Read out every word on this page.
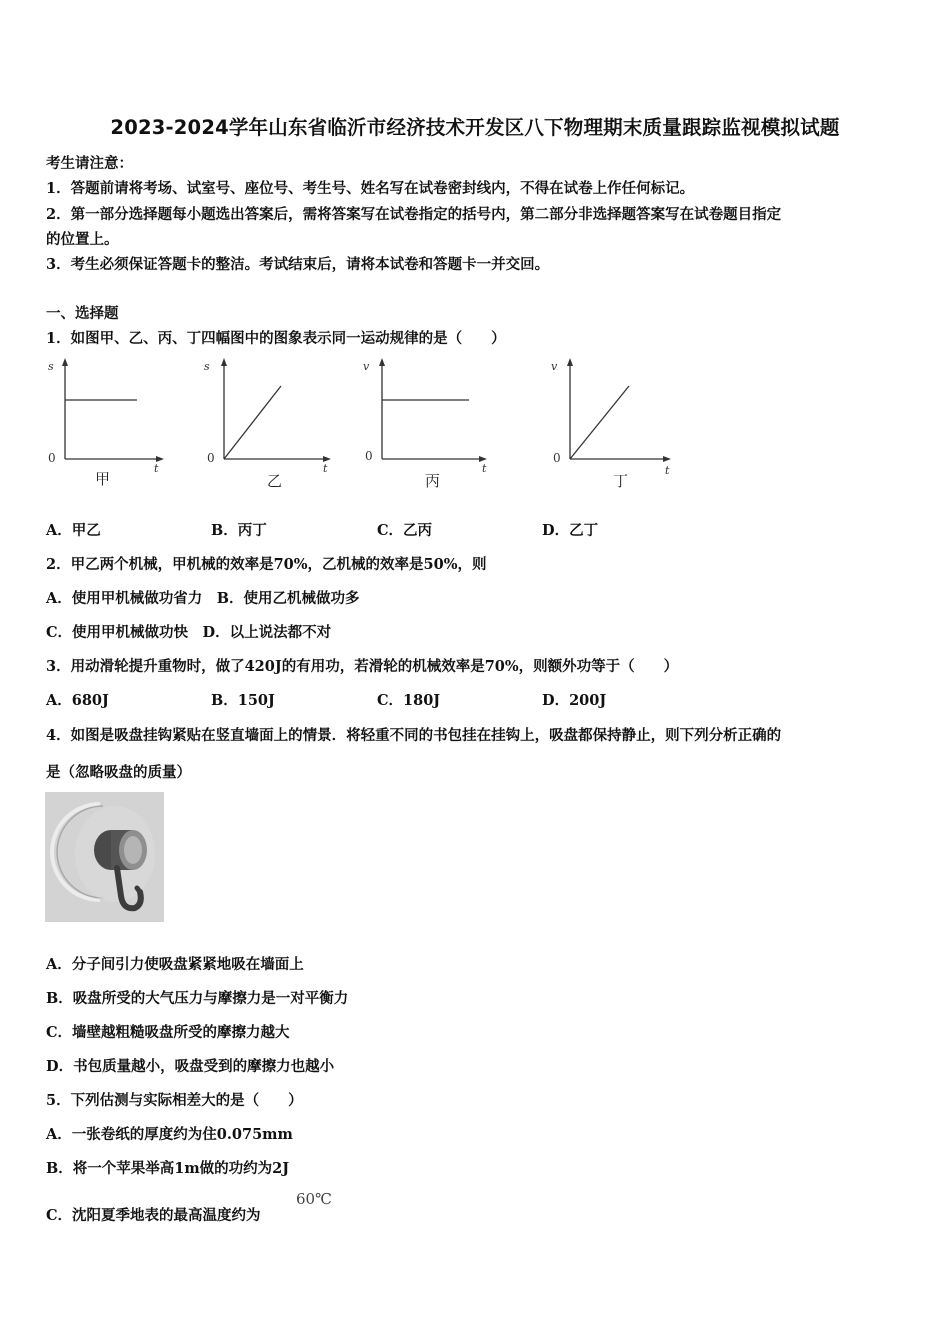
2023-2024学年山东省临沂市经济技术开发区八下物理期末质量跟踪监视模拟试题
考生请注意：
1．答题前请将考场、试室号、座位号、考生号、姓名写在试卷密封线内，不得在试卷上作任何标记。
2．第一部分选择题每小题选出答案后，需将答案写在试卷指定的括号内，第二部分非选择题答案写在试卷题目指定
的位置上。
3．考生必须保证答题卡的整洁。考试结束后，请将本试卷和答题卡一并交回。
一、选择题
1．如图甲、乙、丙、丁四幅图中的图象表示同一运动规律的是（　　）
s
0
t
甲
s
0
t
乙
v
0
t
丙
v
0
t
丁
A．甲乙	B．丙丁	C．乙丙	D．乙丁
2．甲乙两个机械，甲机械的效率是70%，乙机械的效率是50%，则
A．使用甲机械做功省力　B．使用乙机械做功多
C．使用甲机械做功快　D．以上说法都不对
3．用动滑轮提升重物时，做了420J的有用功，若滑轮的机械效率是70%，则额外功等于（　　）
A．680J	B．150J	C．180J	D．200J
4．如图是吸盘挂钩紧贴在竖直墙面上的情景．将轻重不同的书包挂在挂钩上，吸盘都保持静止，则下列分析正确的
是（忽略吸盘的质量）
A．分子间引力使吸盘紧紧地吸在墙面上
B．吸盘所受的大气压力与摩擦力是一对平衡力
C．墙壁越粗糙吸盘所受的摩擦力越大
D．书包质量越小，吸盘受到的摩擦力也越小
5．下列估测与实际相差大的是（　　）
A．一张卷纸的厚度约为住0.075mm
B．将一个苹果举高1m做的功约为2J
C．沈阳夏季地表的最高温度约为
60℃
